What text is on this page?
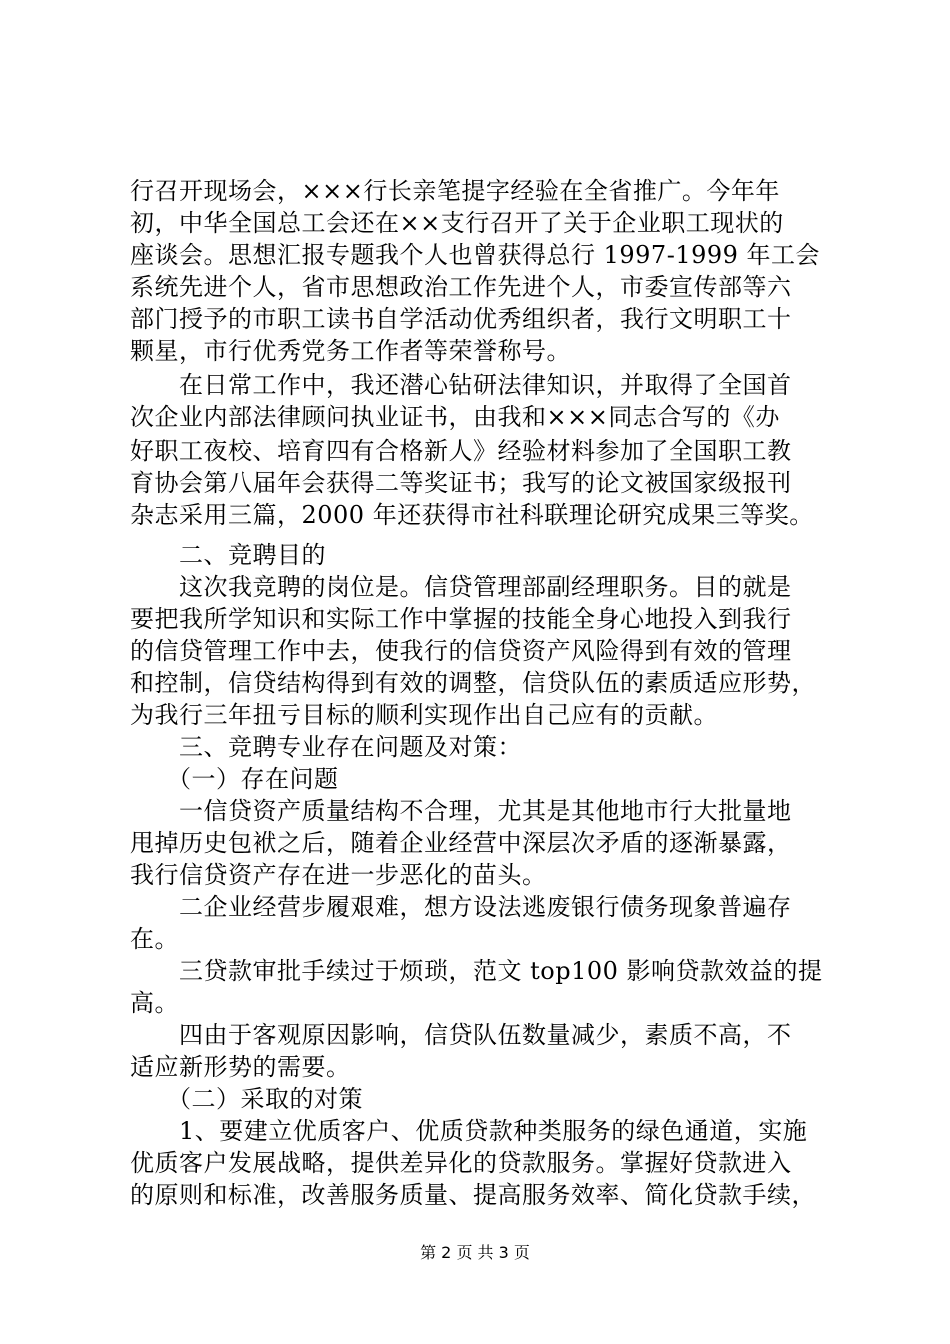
行召开现场会，×××行长亲笔提字经验在全省推广。今年年
初，中华全国总工会还在××支行召开了关于企业职工现状的
座谈会。思想汇报专题我个人也曾获得总行 1997-1999 年工会
系统先进个人，省市思想政治工作先进个人，市委宣传部等六
部门授予的市职工读书自学活动优秀组织者，我行文明职工十
颗星，市行优秀党务工作者等荣誉称号。
　　在日常工作中，我还潜心钻研法律知识，并取得了全国首
次企业内部法律顾问执业证书，由我和×××同志合写的《办
好职工夜校、培育四有合格新人》经验材料参加了全国职工教
育协会第八届年会获得二等奖证书；我写的论文被国家级报刊
杂志采用三篇，2000 年还获得市社科联理论研究成果三等奖。
　　二、竞聘目的
　　这次我竞聘的岗位是。信贷管理部副经理职务。目的就是
要把我所学知识和实际工作中掌握的技能全身心地投入到我行
的信贷管理工作中去，使我行的信贷资产风险得到有效的管理
和控制，信贷结构得到有效的调整，信贷队伍的素质适应形势，
为我行三年扭亏目标的顺利实现作出自己应有的贡献。
　　三、竞聘专业存在问题及对策：
　　（一）存在问题
　　一信贷资产质量结构不合理，尤其是其他地市行大批量地
甩掉历史包袱之后，随着企业经营中深层次矛盾的逐渐暴露，
我行信贷资产存在进一步恶化的苗头。
　　二企业经营步履艰难，想方设法逃废银行债务现象普遍存
在。
　　三贷款审批手续过于烦琐，范文 top100 影响贷款效益的提
高。
　　四由于客观原因影响，信贷队伍数量减少，素质不高，不
适应新形势的需要。
　　（二）采取的对策
　　1、要建立优质客户、优质贷款种类服务的绿色通道，实施
优质客户发展战略，提供差异化的贷款服务。掌握好贷款进入
的原则和标准，改善服务质量、提高服务效率、简化贷款手续，
第 2 页 共 3 页
